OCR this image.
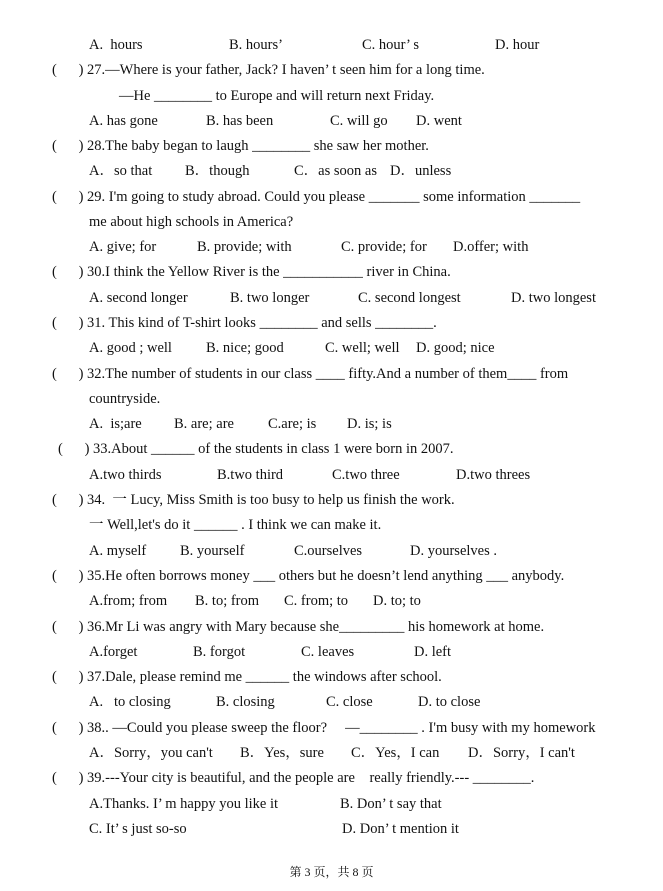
A.  hours	B. hours’	C. hour’ s	D. hour
(      ) 27.—Where is your father, Jack? I haven’ t seen him for a long time.
—He ________ to Europe and will return next Friday.
A. has gone	B. has been	C. will go D. went
(      ) 28.The baby began to laugh ________ she saw her mother.
A．so that B．though	C．as soon as D．unless
(      ) 29. I'm going to study abroad. Could you please _______ some information _______
me about high schools in America?
A. give; for	B. provide; with	C. provide; for D.offer; with
(      ) 30.I think the Yellow River is the ___________ river in China.
A. second longer	B. two longer	C. second longest	D. two longest
(      ) 31. This kind of T-shirt looks ________ and sells ________.
A. good ; well B. nice; good	C. well; well D. good; nice
(      ) 32.The number of students in our class ____ fifty.And a number of them____ from
countryside.
A.  is;are B. are; are C.are; is D. is; is
(      ) 33.About ______ of the students in class 1 were born in 2007.
A.two thirds	B.two third	C.two three	D.two threes
(      ) 34.  一 Lucy, Miss Smith is too busy to help us finish the work.
一 Well,let's do it ______ . I think we can make it.
A. myself B. yourself	C.ourselves	D. yourselves .
(      ) 35.He often borrows money ___ others but he doesn’t lend anything ___ anybody.
A.from; from B. to; from C. from; to D. to; to
(      ) 36.Mr Li was angry with Mary because she_________ his homework at home.
A.forget	B. forgot	C. leaves	D. left
(      ) 37.Dale, please remind me ______ the windows after school.
A.   to closing	B. closing	C. close	D. to close
(      ) 38.. —Could you please sweep the floor?     —________ . I'm busy with my homework
A．Sorry，you can't B．Yes，sure C．Yes，I can D．Sorry，I can't
(      ) 39.---Your city is beautiful, and the people are    really friendly.--- ________.
A.Thanks. I’ m happy you like it	B. Don’ t say that
C. It’ s just so-so	D. Don’ t mention it
第 3 页，共 8 页
